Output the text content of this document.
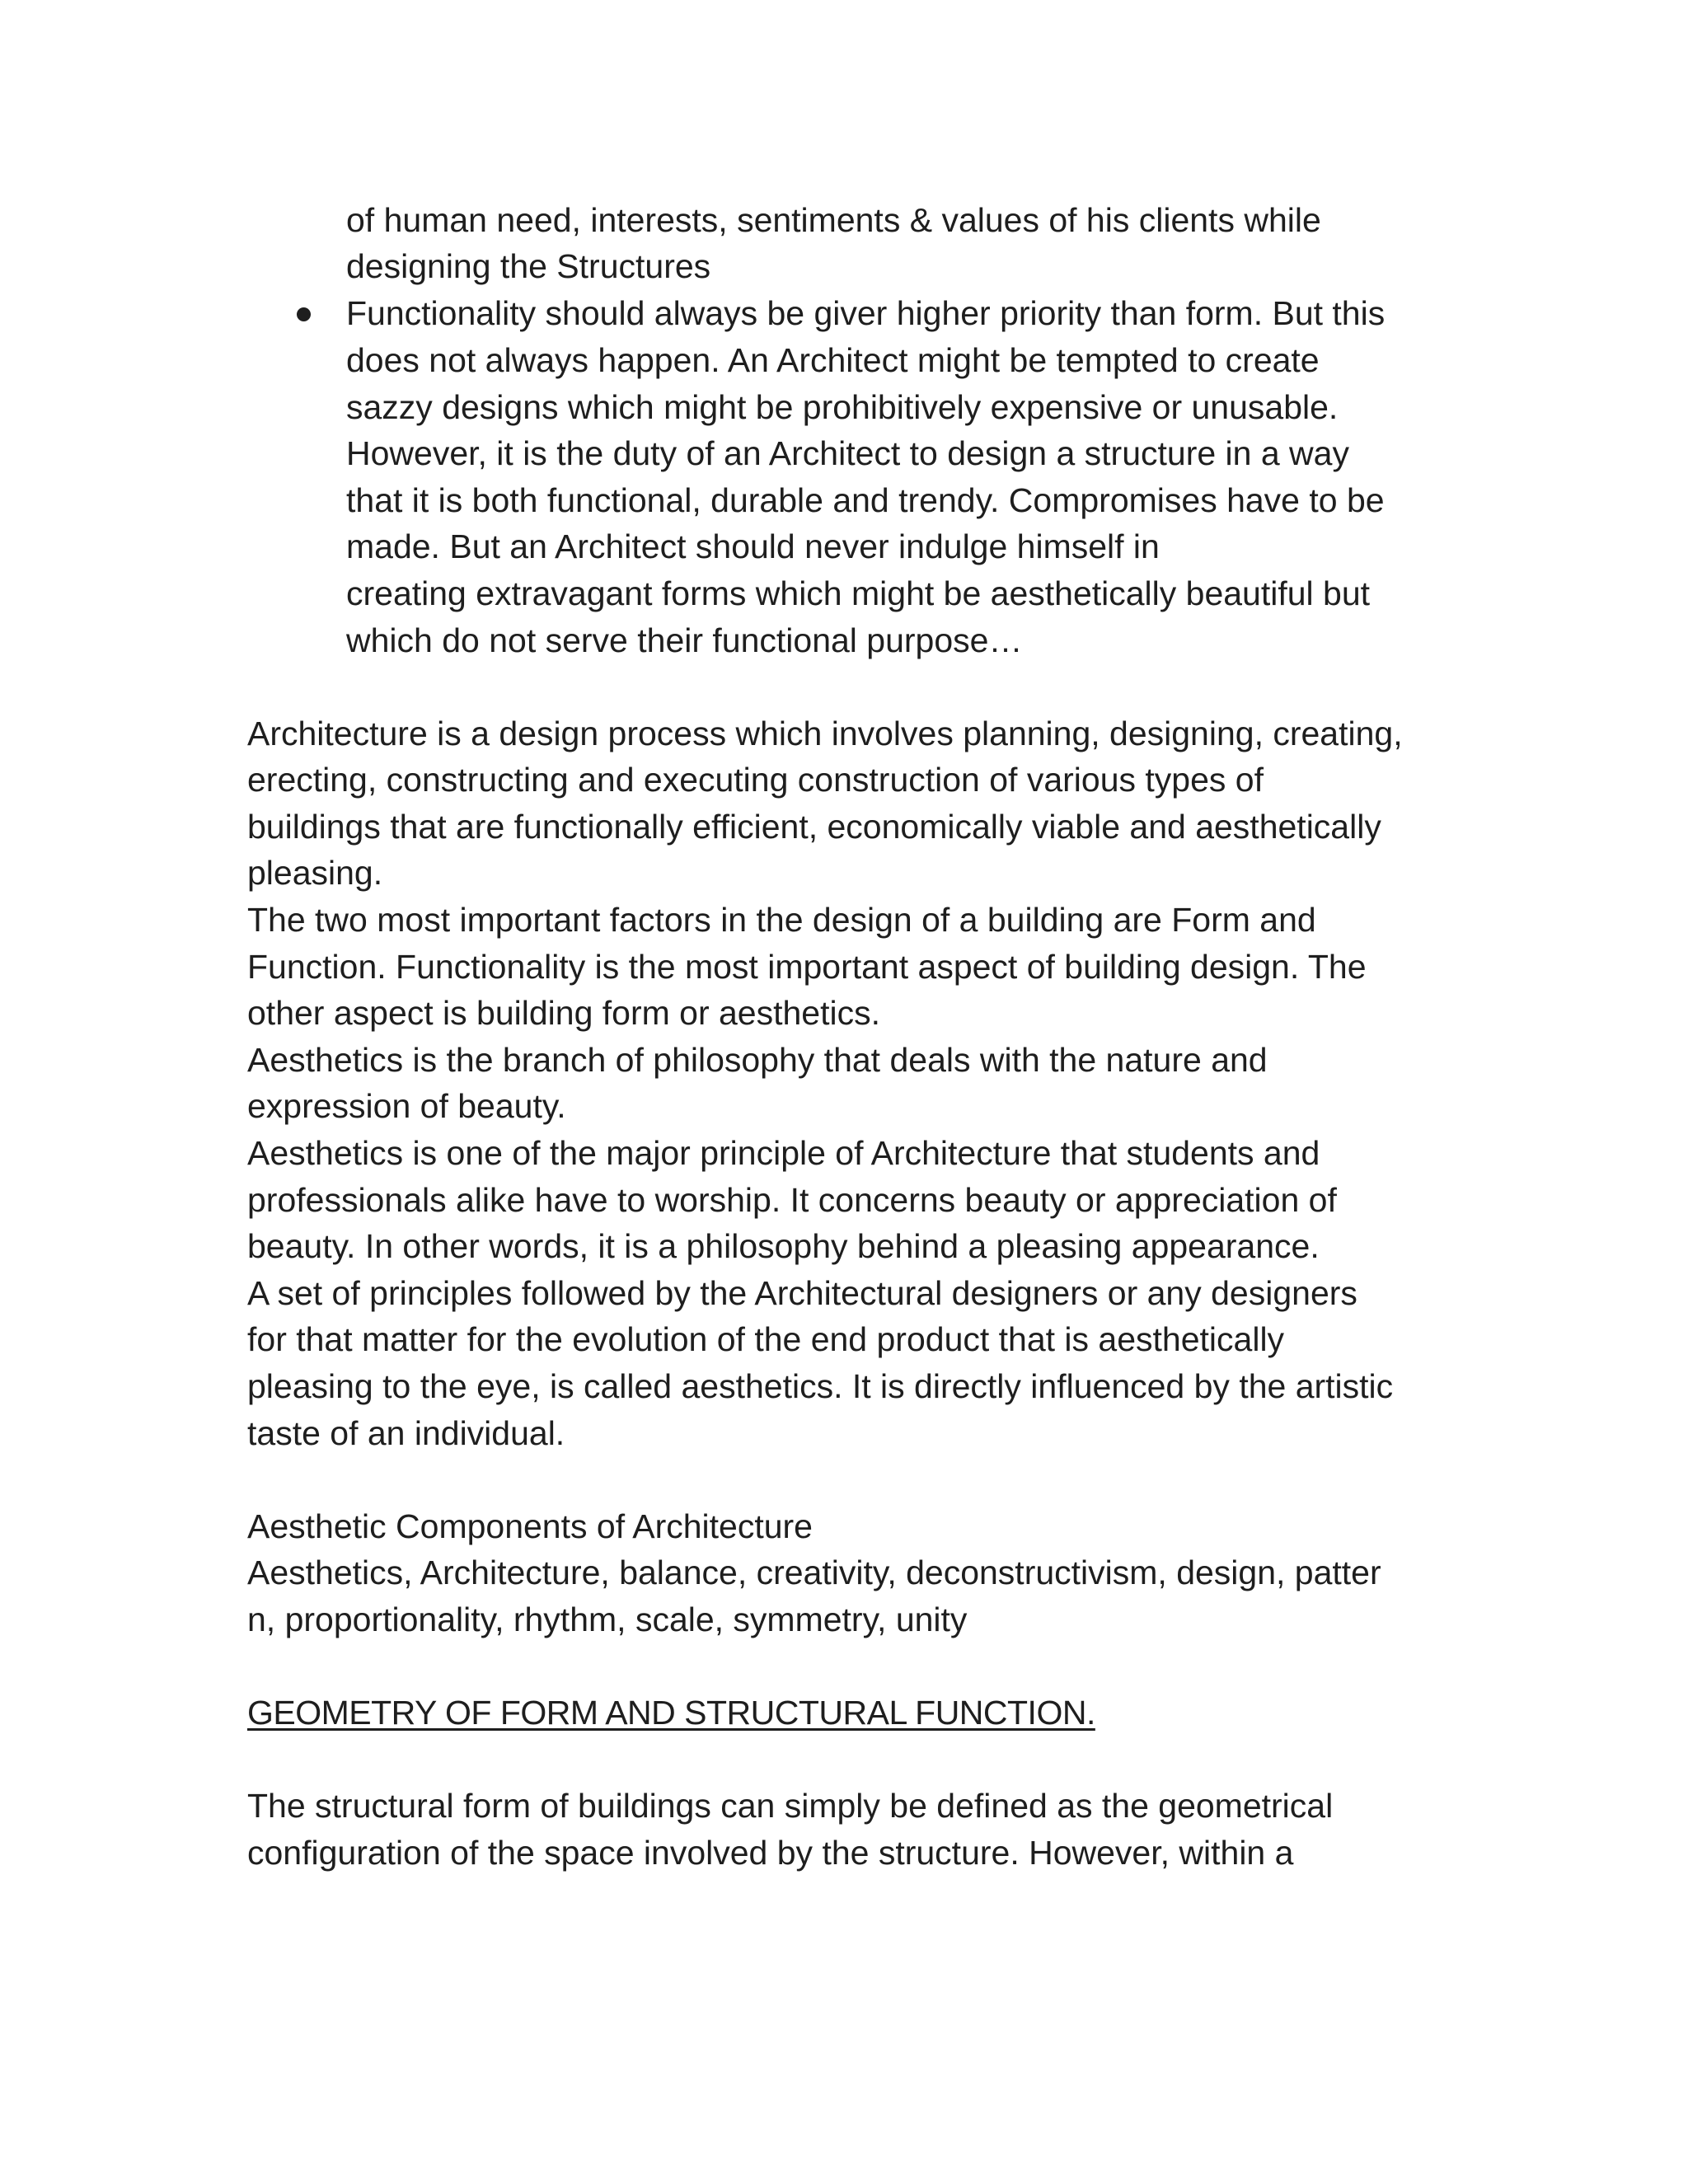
of human need, interests, sentiments & values of his clients while
designing the Structures
Functionality should always be giver higher priority than form. But this
does not always happen. An Architect might be tempted to create
sazzy designs which might be prohibitively expensive or unusable.
However, it is the duty of an Architect to design a structure in a way
that it is both functional, durable and trendy. Compromises have to be
made. But an Architect should never indulge himself in
creating extravagant forms which might be aesthetically beautiful but
which do not serve their functional purpose…
Architecture is a design process which involves planning, designing, creating,
erecting, constructing and executing construction of various types of
buildings that are functionally efficient, economically viable and aesthetically
pleasing.
The two most important factors in the design of a building are Form and
Function. Functionality is the most important aspect of building design. The
other aspect is building form or aesthetics.
Aesthetics is the branch of philosophy that deals with the nature and
expression of beauty.
Aesthetics is one of the major principle of Architecture that students and
professionals alike have to worship. It concerns beauty or appreciation of
beauty. In other words, it is a philosophy behind a pleasing appearance.
A set of principles followed by the Architectural designers or any designers
for that matter for the evolution of the end product that is aesthetically
pleasing to the eye, is called aesthetics. It is directly influenced by the artistic
taste of an individual.
Aesthetic Components of Architecture
Aesthetics, Architecture, balance, creativity, deconstructivism, design, patter
n, proportionality, rhythm, scale, symmetry, unity
GEOMETRY OF FORM AND STRUCTURAL FUNCTION.
The structural form of buildings can simply be defined as the geometrical
configuration of the space involved by the structure. However, within a
